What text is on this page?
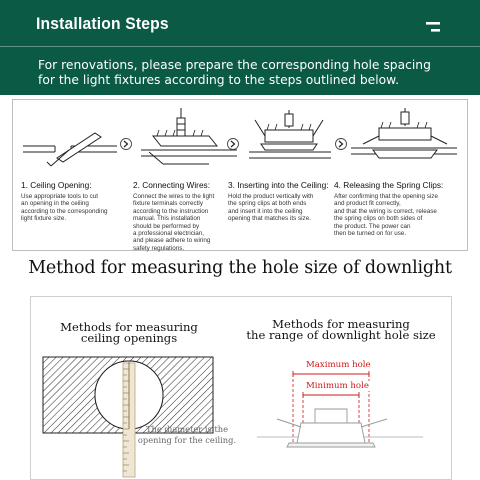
Installation Steps
For renovations, please prepare the corresponding hole spacing
for the light fixtures according to the steps outlined below.
1. Ceiling Opening:
Use appropriate tools to cut
an opening in the ceiling
according to the corresponding
light fixture size.
2. Connecting Wires:
Connect the wires to the light
fixture terminals correctly
according to the instruction
manual. This installation
should be performed by
a professional electrician,
and please adhere to wiring
safety regulations.
3. Inserting into the Ceiling:
Hold the product vertically with
the spring clips at both ends
and insert it into the ceiling
opening that matches its size.
4. Releasing the Spring Clips:
After confirming that the opening size
and product fit correctly,
and that the wiring is correct, release
the spring clips on both sides of
the product. The power can
then be turned on for use.
Method for measuring the hole size of downlight
Methods for measuring
ceiling openings
The diameter is the
opening for the ceiling.
Methods for measuring
the range of downlight hole size
Maximum hole
Minimum hole
